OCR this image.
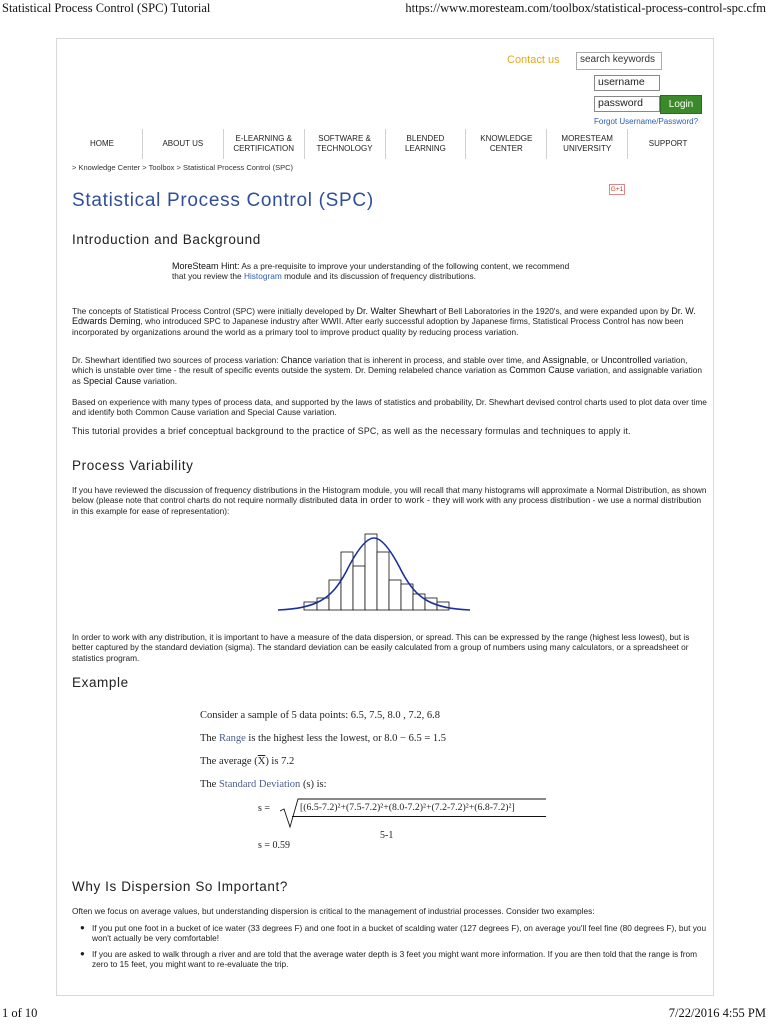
Statistical Process Control (SPC) Tutorial	https://www.moresteam.com/toolbox/statistical-process-control-spc.cfm
Contact us	search keywords
username
password	Login
Forgot Username/Password?
HOME	ABOUT US
E-LEARNING &
CERTIFICATION
SOFTWARE &
TECHNOLOGY
BLENDED
LEARNING
KNOWLEDGE
CENTER
MORESTEAM
UNIVERSITY
SUPPORT
> Knowledge Center > Toolbox > Statistical Process Control (SPC)
G+1
Statistical Process Control (SPC)
Introduction and Background
MoreSteam Hint: As a pre-requisite to improve your understanding of the following content, we recommend that you review the Histogram module and its discussion of frequency distributions.
The concepts of Statistical Process Control (SPC) were initially developed by Dr. Walter Shewhart of Bell Laboratories in the 1920's, and were expanded upon by Dr. W. Edwards Deming, who introduced SPC to Japanese industry after WWII. After early successful adoption by Japanese firms, Statistical Process Control has now been incorporated by organizations around the world as a primary tool to improve product quality by reducing process variation.
Dr. Shewhart identified two sources of process variation: Chance variation that is inherent in process, and stable over time, and Assignable, or Uncontrolled variation, which is unstable over time - the result of specific events outside the system. Dr. Deming relabeled chance variation as Common Cause variation, and assignable variation as Special Cause variation.
Based on experience with many types of process data, and supported by the laws of statistics and probability, Dr. Shewhart devised control charts used to plot data over time and identify both Common Cause variation and Special Cause variation.
This tutorial provides a brief conceptual background to the practice of SPC, as well as the necessary formulas and techniques to apply it.
Process Variability
If you have reviewed the discussion of frequency distributions in the Histogram module, you will recall that many histograms will approximate a Normal Distribution, as shown below (please note that control charts do not require normally distributed data in order to work - they will work with any process distribution - we use a normal distribution in this example for ease of representation):
In order to work with any distribution, it is important to have a measure of the data dispersion, or spread. This can be expressed by the range (highest less lowest), but is better captured by the standard deviation (sigma). The standard deviation can be easily calculated from a group of numbers using many calculators, or a spreadsheet or statistics program.
Example
Consider a sample of 5 data points: 6.5, 7.5, 8.0 , 7.2, 6.8
The Range is the highest less the lowest, or 8.0 − 6.5 = 1.5
The average $(\overline{X})$ is 7.2
The Standard Deviation (s) is:
s =	[(6.5-7.2)²+(7.5-7.2)²+(8.0-7.2)²+(7.2-7.2)²+(6.8-7.2)²]
5-1
s = 0.59
Why Is Dispersion So Important?
Often we focus on average values, but understanding dispersion is critical to the management of industrial processes. Consider two examples:
● If you put one foot in a bucket of ice water (33 degrees F) and one foot in a bucket of scalding water (127 degrees F), on average you'll feel fine (80 degrees F), but you won't actually be very comfortable!
● If you are asked to walk through a river and are told that the average water depth is 3 feet you might want more information. If you are then told that the range is from zero to 15 feet, you might want to re-evaluate the trip.
1 of 10	7/22/2016 4:55 PM
